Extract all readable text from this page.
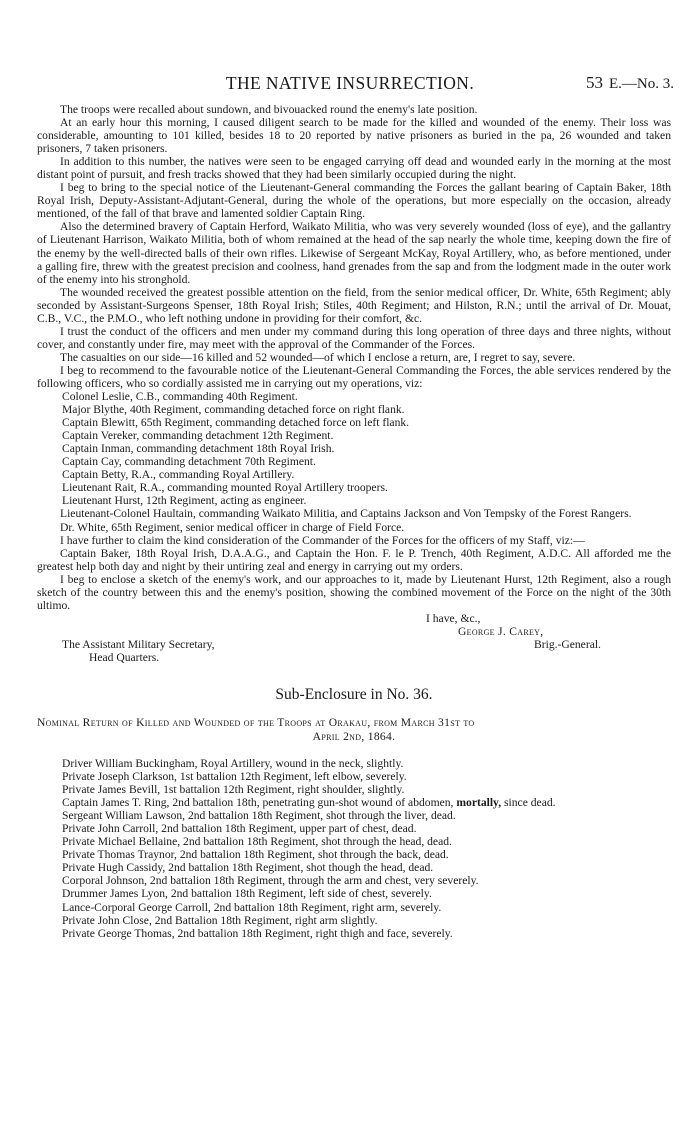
THE NATIVE INSURRECTION.	53 E.—No. 3.

The troops were recalled about sundown, and bivouacked round the enemy's late position.

At an early hour this morning, I caused diligent search to be made for the killed and wounded of the enemy. Their loss was considerable, amounting to 101 killed, besides 18 to 20 reported by native prisoners as buried in the pa, 26 wounded and taken prisoners, 7 taken prisoners.

In addition to this number, the natives were seen to be engaged carrying off dead and wounded early in the morning at the most distant point of pursuit, and fresh tracks showed that they had been similarly occupied during the night.

I beg to bring to the special notice of the Lieutenant-General commanding the Forces the gallant bearing of Captain Baker, 18th Royal Irish, Deputy-Assistant-Adjutant-General, during the whole of the operations, but more especially on the occasion, already mentioned, of the fall of that brave and lamented soldier Captain Ring.

Also the determined bravery of Captain Herford, Waikato Militia, who was very severely wounded (loss of eye), and the gallantry of Lieutenant Harrison, Waikato Militia, both of whom remained at the head of the sap nearly the whole time, keeping down the fire of the enemy by the well-directed balls of their own rifles. Likewise of Sergeant McKay, Royal Artillery, who, as before mentioned, under a galling fire, threw with the greatest precision and coolness, hand grenades from the sap and from the lodgment made in the outer work of the enemy into his stronghold.

The wounded received the greatest possible attention on the field, from the senior medical officer, Dr. White, 65th Regiment; ably seconded by Assistant-Surgeons Spenser, 18th Royal Irish; Stiles, 40th Regiment; and Hilston, R.N.; until the arrival of Dr. Mouat, C.B., V.C., the P.M.O., who left nothing undone in providing for their comfort, &c.

I trust the conduct of the officers and men under my command during this long operation of three days and three nights, without cover, and constantly under fire, may meet with the approval of the Commander of the Forces.

The casualties on our side—16 killed and 52 wounded—of which I enclose a return, are, I regret to say, severe.

I beg to recommend to the favourable notice of the Lieutenant-General Commanding the Forces, the able services rendered by the following officers, who so cordially assisted me in carrying out my operations, viz:

Colonel Leslie, C.B., commanding 40th Regiment.

Major Blythe, 40th Regiment, commanding detached force on right flank.

Captain Blewitt, 65th Regiment, commanding detached force on left flank.

Captain Vereker, commanding detachment 12th Regiment.

Captain Inman, commanding detachment 18th Royal Irish.

Captain Cay, commanding detachment 70th Regiment.

Captain Betty, R.A., commanding Royal Artillery.

Lieutenant Rait, R.A., commanding mounted Royal Artillery troopers.

Lieutenant Hurst, 12th Regiment, acting as engineer.

Lieutenant-Colonel Haultain, commanding Waikato Militia, and Captains Jackson and Von Tempsky of the Forest Rangers.

Dr. White, 65th Regiment, senior medical officer in charge of Field Force.

I have further to claim the kind consideration of the Commander of the Forces for the officers of my Staff, viz:—

Captain Baker, 18th Royal Irish, D.A.A.G., and Captain the Hon. F. le P. Trench, 40th Regiment, A.D.C. All afforded me the greatest help both day and night by their untiring zeal and energy in carrying out my orders.

I beg to enclose a sketch of the enemy's work, and our approaches to it, made by Lieutenant Hurst, 12th Regiment, also a rough sketch of the country between this and the enemy's position, showing the combined movement of the Force on the night of the 30th ultimo.

I have, &c.,
George J. Carey,
The Assistant Military Secretary,	Brig.-General.
Head Quarters.
Sub-Enclosure in No. 36.
Nominal Return of Killed and Wounded of the Troops at Orakau, from March 31st to
April 2nd, 1864.

Driver William Buckingham, Royal Artillery, wound in the neck, slightly.

Private Joseph Clarkson, 1st battalion 12th Regiment, left elbow, severely.

Private James Bevill, 1st battalion 12th Regiment, right shoulder, slightly.

Captain James T. Ring, 2nd battalion 18th, penetrating gun-shot wound of abdomen, mortally, since dead.

Sergeant William Lawson, 2nd battalion 18th Regiment, shot through the liver, dead.

Private John Carroll, 2nd battalion 18th Regiment, upper part of chest, dead.

Private Michael Bellaine, 2nd battalion 18th Regiment, shot through the head, dead.

Private Thomas Traynor, 2nd battalion 18th Regiment, shot through the back, dead.

Private Hugh Cassidy, 2nd battalion 18th Regiment, shot though the head, dead.

Corporal Johnson, 2nd battalion 18th Regiment, through the arm and chest, very severely.

Drummer James Lyon, 2nd battalion 18th Regiment, left side of chest, severely.

Lance-Corporal George Carroll, 2nd battalion 18th Regiment, right arm, severely.

Private John Close, 2nd Battalion 18th Regiment, right arm slightly.

Private George Thomas, 2nd battalion 18th Regiment, right thigh and face, severely.
